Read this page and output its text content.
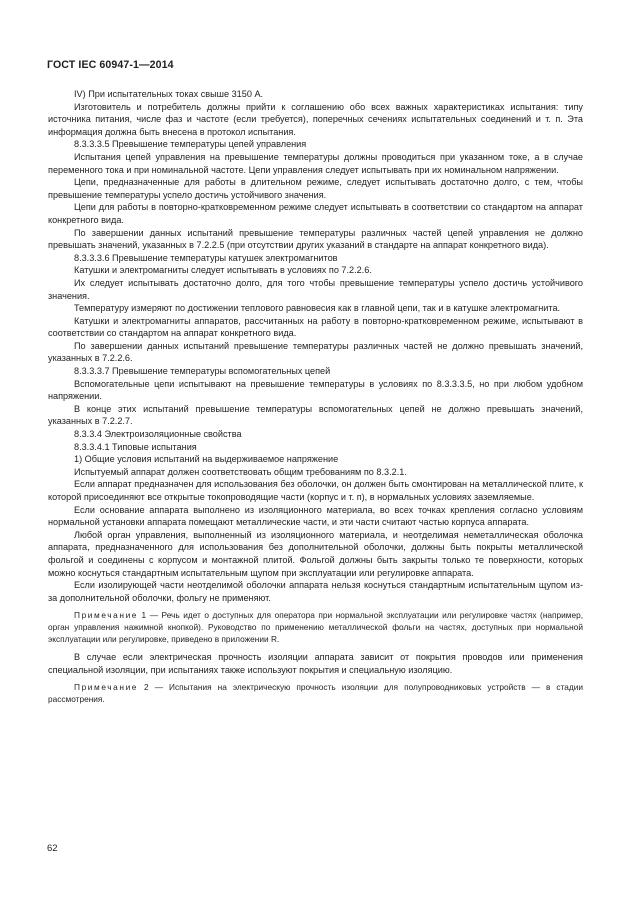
ГОСТ IEC 60947-1—2014

IV) При испытательных токах свыше 3150 А.

Изготовитель и потребитель должны прийти к соглашению обо всех важных характеристиках испытания: типу источника питания, числе фаз и частоте (если требуется), поперечных сечениях испытательных соединений и т. п. Эта информация должна быть внесена в протокол испытания.

8.3.3.3.5 Превышение температуры цепей управления

Испытания цепей управления на превышение температуры должны проводиться при указанном токе, а в случае переменного тока и при номинальной частоте. Цепи управления следует испытывать при их номинальном напряжении.

Цепи, предназначенные для работы в длительном режиме, следует испытывать достаточно долго, с тем, чтобы превышение температуры успело достичь устойчивого значения.

Цепи для работы в повторно-кратковременном режиме следует испытывать в соответствии со стандартом на аппарат конкретного вида.

По завершении данных испытаний превышение температуры различных частей цепей управления не должно превышать значений, указанных в 7.2.2.5 (при отсутствии других указаний в стандарте на аппарат конкретного вида).

8.3.3.3.6 Превышение температуры катушек электромагнитов

Катушки и электромагниты следует испытывать в условиях по 7.2.2.6.

Их следует испытывать достаточно долго, для того чтобы превышение температуры успело достичь устойчивого значения.

Температуру измеряют по достижении теплового равновесия как в главной цепи, так и в катушке электромагнита.

Катушки и электромагниты аппаратов, рассчитанных на работу в повторно-кратковременном режиме, испытывают в соответствии со стандартом на аппарат конкретного вида.

По завершении данных испытаний превышение температуры различных частей не должно превышать значений, указанных в 7.2.2.6.

8.3.3.3.7 Превышение температуры вспомогательных цепей

Вспомогательные цепи испытывают на превышение температуры в условиях по 8.3.3.3.5, но при любом удобном напряжении.

В конце этих испытаний превышение температуры вспомогательных цепей не должно превышать значений, указанных в 7.2.2.7.

8.3.3.4 Электроизоляционные свойства

8.3.3.4.1 Типовые испытания

1) Общие условия испытаний на выдерживаемое напряжение

Испытуемый аппарат должен соответствовать общим требованиям по 8.3.2.1.

Если аппарат предназначен для использования без оболочки, он должен быть смонтирован на металлической плите, к которой присоединяют все открытые токопроводящие части (корпус и т. п), в нормальных условиях заземляемые.

Если основание аппарата выполнено из изоляционного материала, во всех точках крепления согласно условиям нормальной установки аппарата помещают металлические части, и эти части считают частью корпуса аппарата.

Любой орган управления, выполненный из изоляционного материала, и неотделимая неметаллическая оболочка аппарата, предназначенного для использования без дополнительной оболочки, должны быть покрыты металлической фольгой и соединены с корпусом и монтажной плитой. Фольгой должны быть закрыты только те поверхности, которых можно коснуться стандартным испытательным щупом при эксплуатации или регулировке аппарата.

Если изолирующей части неотделимой оболочки аппарата нельзя коснуться стандартным испытательным щупом из-за дополнительной оболочки, фольгу не применяют.

Примечание 1 — Речь идет о доступных для оператора при нормальной эксплуатации или регулировке частях (например, орган управления нажимной кнопкой). Руководство по применению металлической фольги на частях, доступных при нормальной эксплуатации или регулировке, приведено в приложении R.

В случае если электрическая прочность изоляции аппарата зависит от покрытия проводов или применения специальной изоляции, при испытаниях также используют покрытия и специальную изоляцию.

Примечание 2 — Испытания на электрическую прочность изоляции для полупроводниковых устройств — в стадии рассмотрения.

62
